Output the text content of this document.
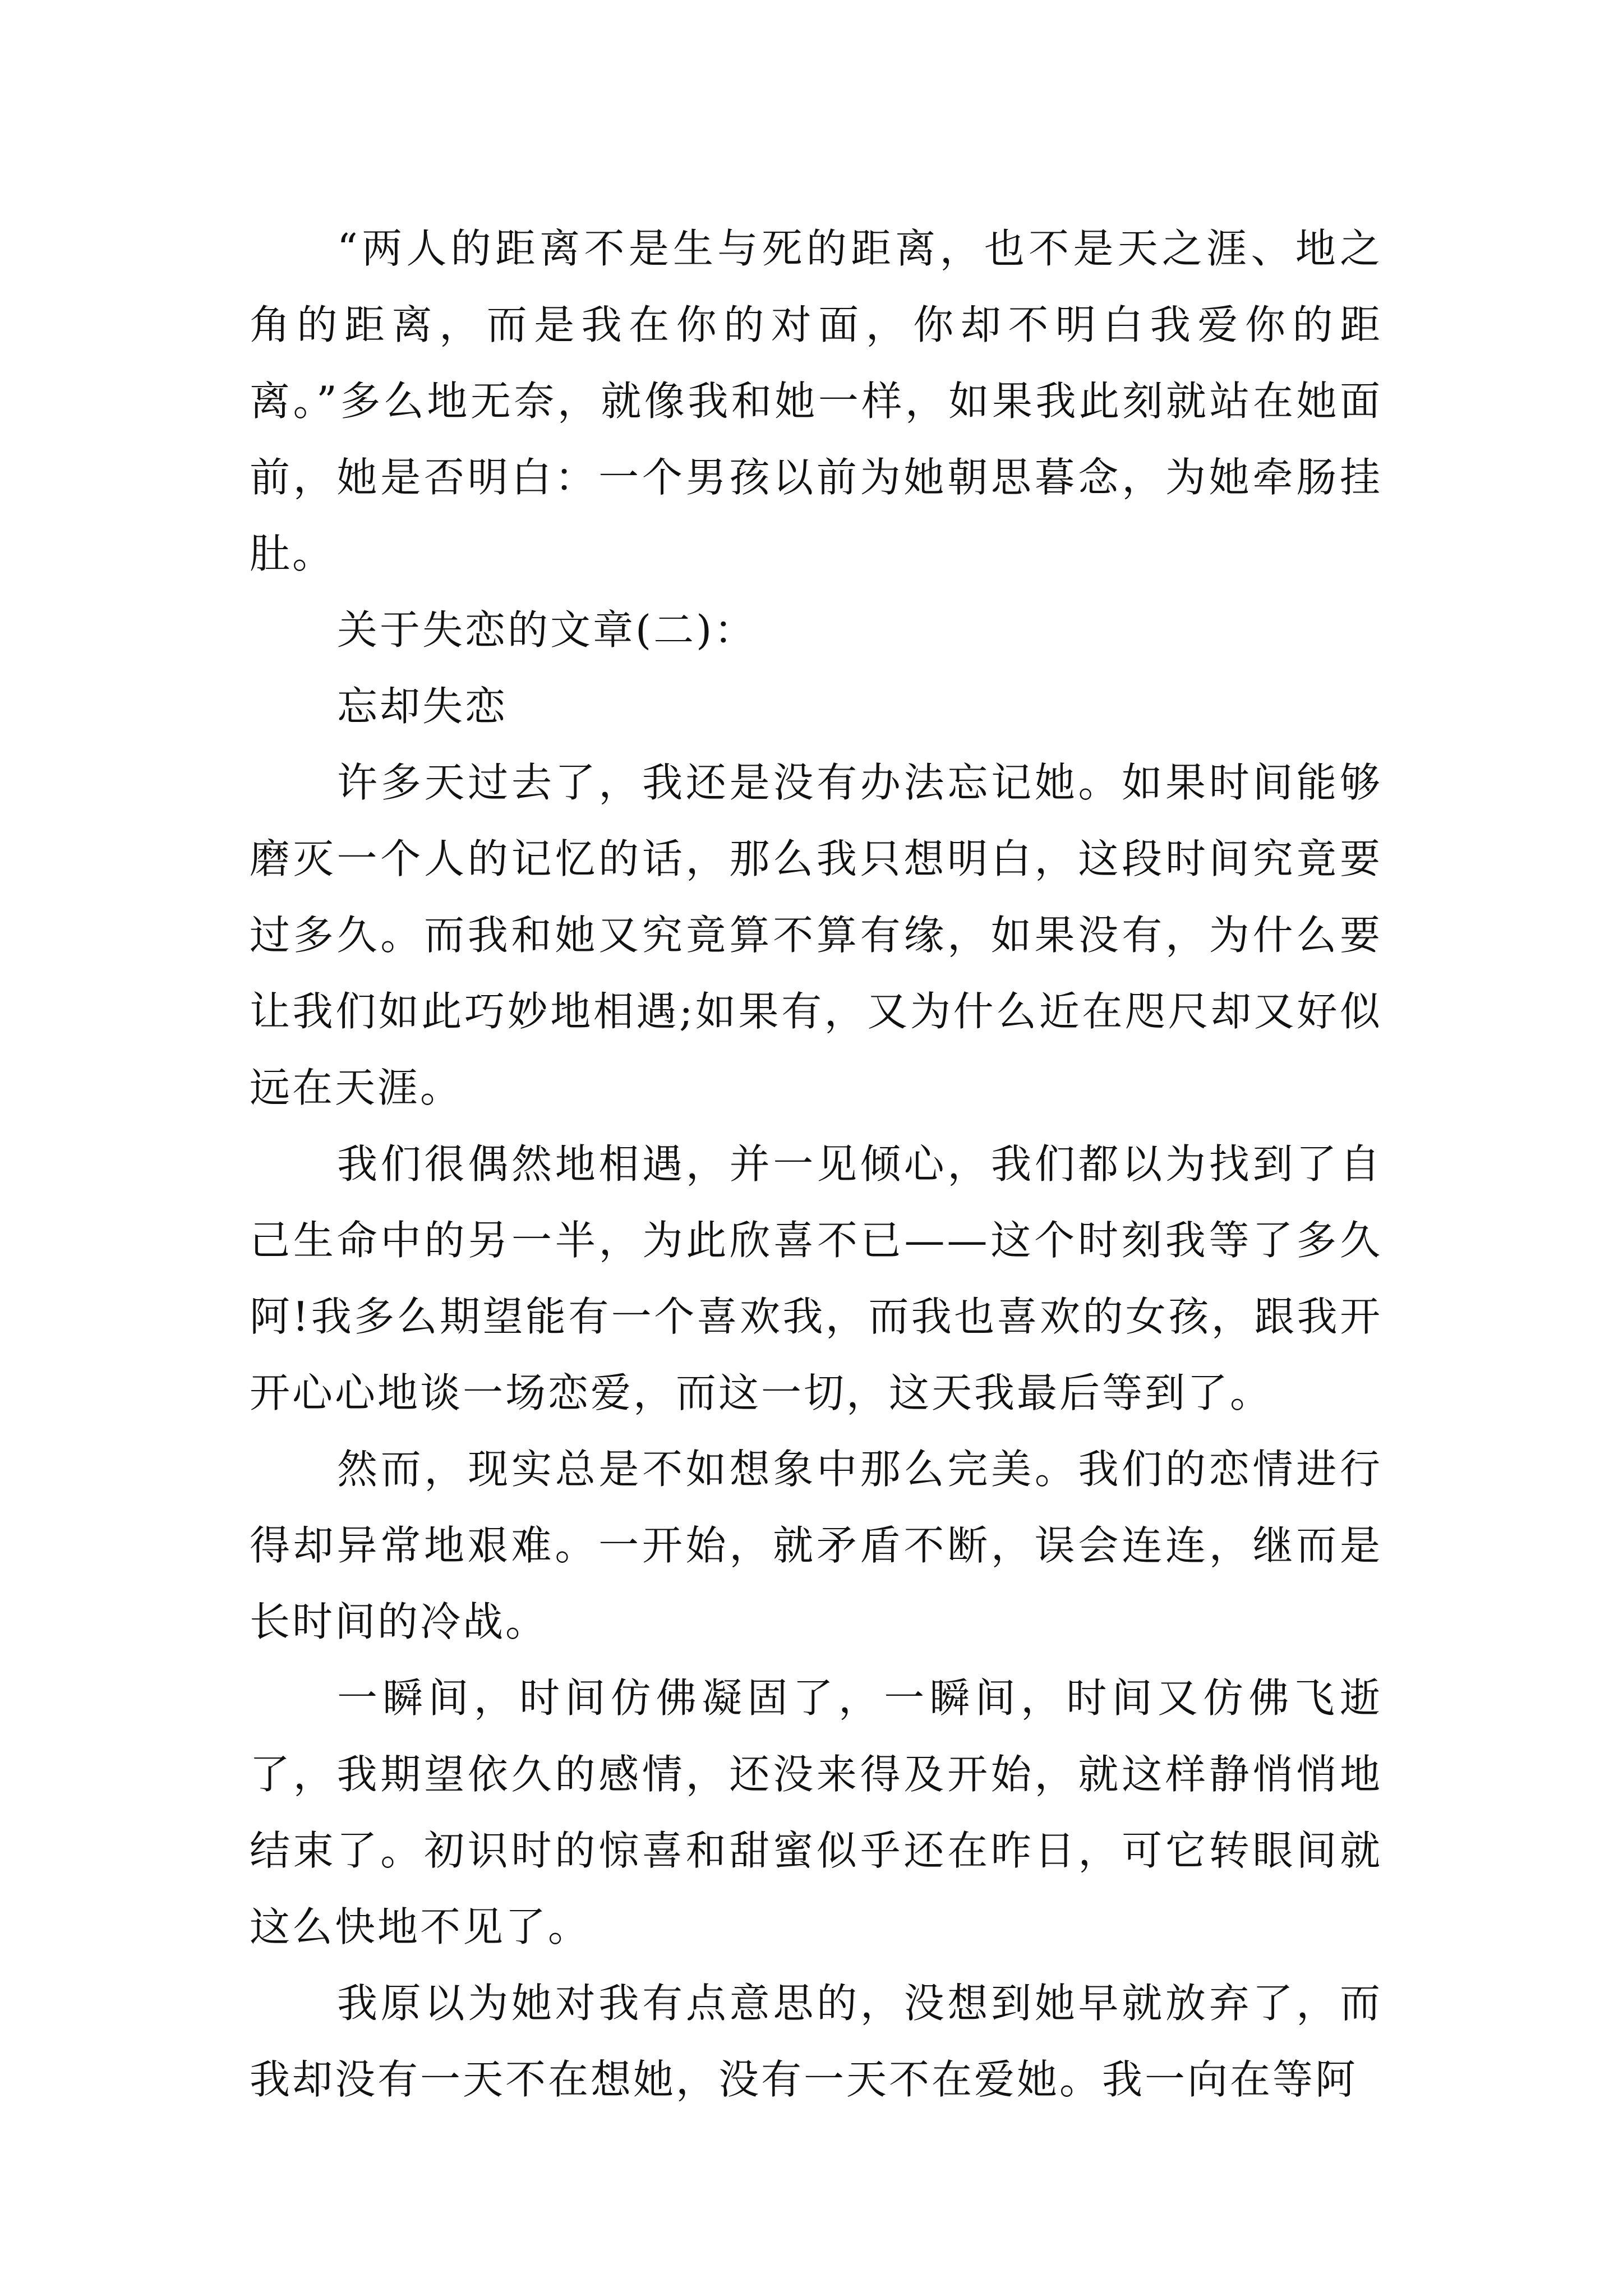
“两人的距离不是生与死的距离，也不是天之涯、地之角的距离，而是我在你的对面，你却不明白我爱你的距离。”多么地无奈，就像我和她一样，如果我此刻就站在她面前，她是否明白：一个男孩以前为她朝思暮念，为她牵肠挂肚。

关于失恋的文章(二)：

忘却失恋

许多天过去了，我还是没有办法忘记她。如果时间能够磨灭一个人的记忆的话，那么我只想明白，这段时间究竟要过多久。而我和她又究竟算不算有缘，如果没有，为什么要让我们如此巧妙地相遇;如果有，又为什么近在咫尺却又好似远在天涯。

我们很偶然地相遇，并一见倾心，我们都以为找到了自己生命中的另一半，为此欣喜不已——这个时刻我等了多久阿!我多么期望能有一个喜欢我，而我也喜欢的女孩，跟我开开心心地谈一场恋爱，而这一切，这天我最后等到了。

然而，现实总是不如想象中那么完美。我们的恋情进行得却异常地艰难。一开始，就矛盾不断，误会连连，继而是长时间的冷战。

一瞬间，时间仿佛凝固了，一瞬间，时间又仿佛飞逝了，我期望依久的感情，还没来得及开始，就这样静悄悄地结束了。初识时的惊喜和甜蜜似乎还在昨日，可它转眼间就这么快地不见了。

我原以为她对我有点意思的，没想到她早就放弃了，而我却没有一天不在想她，没有一天不在爱她。我一向在等阿
